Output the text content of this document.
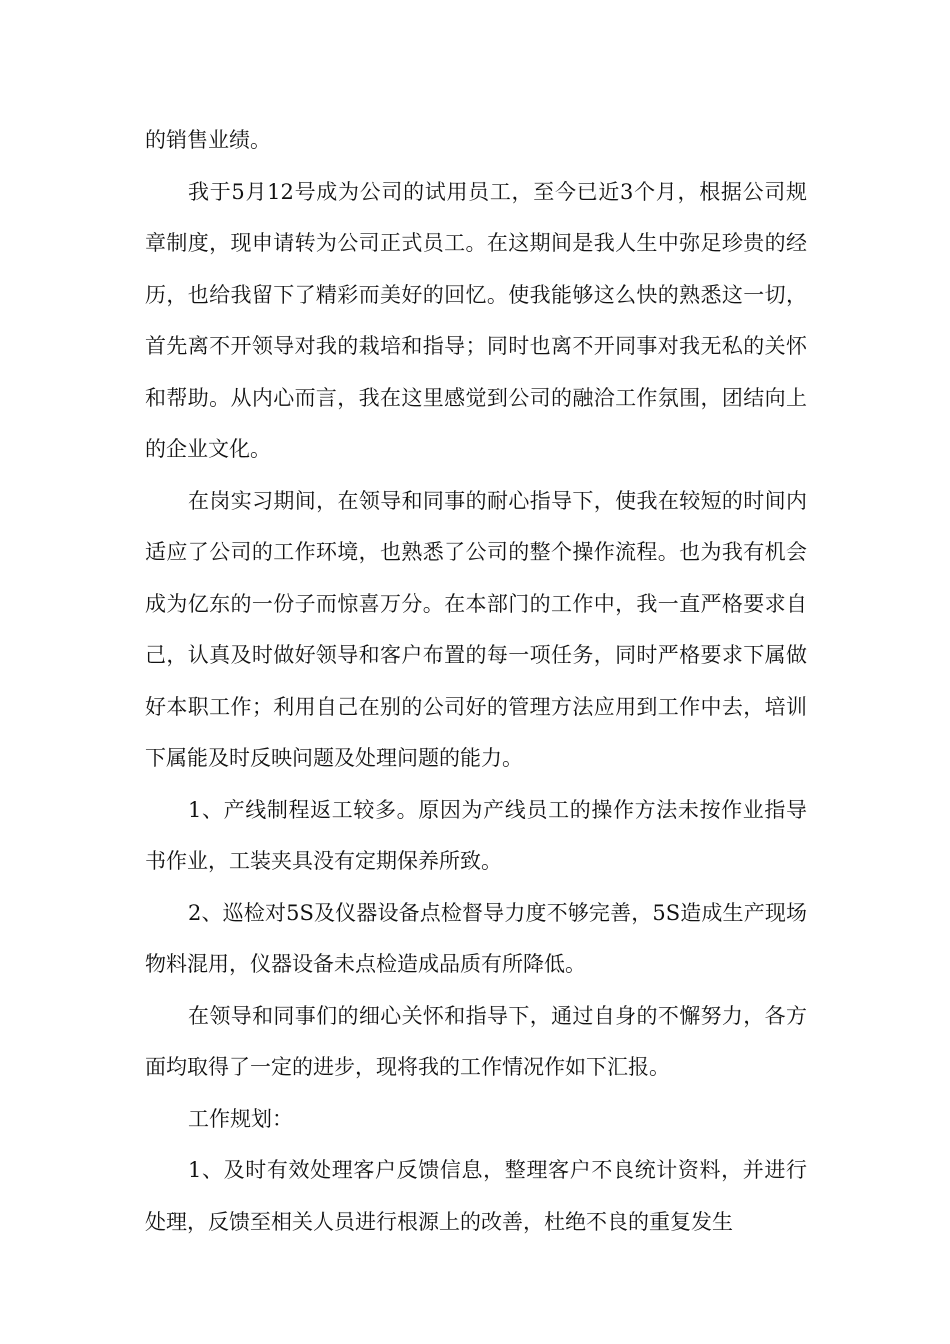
的销售业绩。

我于5月12号成为公司的试用员工，至今已近3个月，根据公司规章制度，现申请转为公司正式员工。在这期间是我人生中弥足珍贵的经历，也给我留下了精彩而美好的回忆。使我能够这么快的熟悉这一切，首先离不开领导对我的栽培和指导；同时也离不开同事对我无私的关怀和帮助。从内心而言，我在这里感觉到公司的融洽工作氛围，团结向上的企业文化。

在岗实习期间，在领导和同事的耐心指导下，使我在较短的时间内适应了公司的工作环境，也熟悉了公司的整个操作流程。也为我有机会成为亿东的一份子而惊喜万分。在本部门的工作中，我一直严格要求自己，认真及时做好领导和客户布置的每一项任务，同时严格要求下属做好本职工作；利用自己在别的公司好的管理方法应用到工作中去，培训下属能及时反映问题及处理问题的能力。

1、产线制程返工较多。原因为产线员工的操作方法未按作业指导书作业，工装夹具没有定期保养所致。

2、巡检对5S及仪器设备点检督导力度不够完善，5S造成生产现场物料混用，仪器设备未点检造成品质有所降低。

在领导和同事们的细心关怀和指导下，通过自身的不懈努力，各方面均取得了一定的进步，现将我的工作情况作如下汇报。

工作规划：

1、及时有效处理客户反馈信息，整理客户不良统计资料，并进行处理，反馈至相关人员进行根源上的改善，杜绝不良的重复发生
